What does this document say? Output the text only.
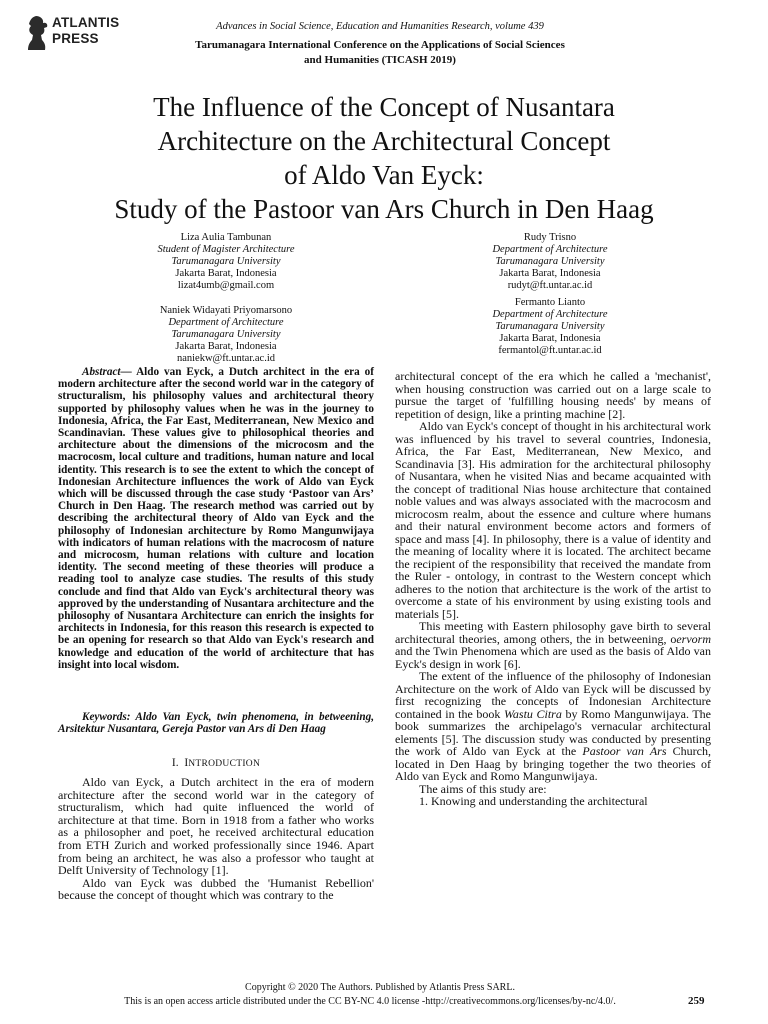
ATLANTIS
PRESS
Advances in Social Science, Education and Humanities Research, volume 439
Tarumanagara International Conference on the Applications of Social Sciences
and Humanities (TICASH 2019)
The Influence of the Concept of Nusantara
Architecture on the Architectural Concept
of Aldo Van Eyck:
Study of the Pastoor van Ars Church in Den Haag
Liza Aulia Tambunan
Student of Magister Architecture
Tarumanagara University
Jakarta Barat, Indonesia
lizat4umb@gmail.com
Naniek Widayati Priyomarsono
Department of Architecture
Tarumanagara University
Jakarta Barat, Indonesia
naniekw@ft.untar.ac.id
Rudy Trisno
Department of Architecture
Tarumanagara University
Jakarta Barat, Indonesia
rudyt@ft.untar.ac.id
Fermanto Lianto
Department of Architecture
Tarumanagara University
Jakarta Barat, Indonesia
fermantol@ft.untar.ac.id

Abstract— Aldo van Eyck, a Dutch architect in the era of modern architecture after the second world war in the category of structuralism, his philosophy values and architectural theory supported by philosophy values when he was in the journey to Indonesia, Africa, the Far East, Mediterranean, New Mexico and Scandinavian. These values give to philosophical theories and architecture about the dimensions of the microcosm and the macrocosm, local culture and traditions, human nature and local identity. This research is to see the extent to which the concept of Indonesian Architecture influences the work of Aldo van Eyck which will be discussed through the case study ‘Pastoor van Ars’ Church in Den Haag. The research method was carried out by describing the architectural theory of Aldo van Eyck and the philosophy of Indonesian architecture by Romo Mangunwijaya with indicators of human relations with the macrocosm of nature and microcosm, human relations with culture and location identity. The second meeting of these theories will produce a reading tool to analyze case studies. The results of this study conclude and find that Aldo van Eyck's architectural theory was approved by the understanding of Nusantara architecture and the philosophy of Nusantara Architecture can enrich the insights for architects in Indonesia, for this reason this research is expected to be an opening for research so that Aldo van Eyck's research and knowledge and education of the world of architecture that has insight into local wisdom.

Keywords: Aldo Van Eyck, twin phenomena, in betweening, Arsitektur Nusantara, Gereja Pastor van Ars di Den Haag
I. INTRODUCTION

Aldo van Eyck, a Dutch architect in the era of modern architecture after the second world war in the category of structuralism, which had quite influenced the world of architecture at that time. Born in 1918 from a father who works as a philosopher and poet, he received architectural education from ETH Zurich and worked professionally since 1946. Apart from being an architect, he was also a professor who taught at Delft University of Technology [1].

Aldo van Eyck was dubbed the 'Humanist Rebellion' because the concept of thought which was contrary to the

architectural concept of the era which he called a 'mechanist', when housing construction was carried out on a large scale to pursue the target of 'fulfilling housing needs' by means of repetition of design, like a printing machine [2].

Aldo van Eyck's concept of thought in his architectural work was influenced by his travel to several countries, Indonesia, Africa, the Far East, Mediterranean, New Mexico, and Scandinavia [3]. His admiration for the architectural philosophy of Nusantara, when he visited Nias and became acquainted with the concept of traditional Nias house architecture that contained noble values and was always associated with the macrocosm and microcosm realm, about the essence and culture where humans and their natural environment become actors and formers of space and mass [4]. In philosophy, there is a value of identity and the meaning of locality where it is located. The architect became the recipient of the responsibility that received the mandate from the Ruler - ontology, in contrast to the Western concept which adheres to the notion that architecture is the work of the artist to overcome a state of his environment by using existing tools and materials [5].

This meeting with Eastern philosophy gave birth to several architectural theories, among others, the in betweening, oervorm and the Twin Phenomena which are used as the basis of Aldo van Eyck's design in work [6].

The extent of the influence of the philosophy of Indonesian Architecture on the work of Aldo van Eyck will be discussed by first recognizing the concepts of Indonesian Architecture contained in the book Wastu Citra by Romo Mangunwijaya. The book summarizes the archipelago's vernacular architectural elements [5]. The discussion study was conducted by presenting the work of Aldo van Eyck at the Pastoor van Ars Church, located in Den Haag by bringing together the two theories of Aldo van Eyck and Romo Mangunwijaya.

The aims of this study are:

1. Knowing and understanding the architectural

Copyright © 2020 The Authors. Published by Atlantis Press SARL.
This is an open access article distributed under the CC BY-NC 4.0 license -http://creativecommons.org/licenses/by-nc/4.0/.	259
